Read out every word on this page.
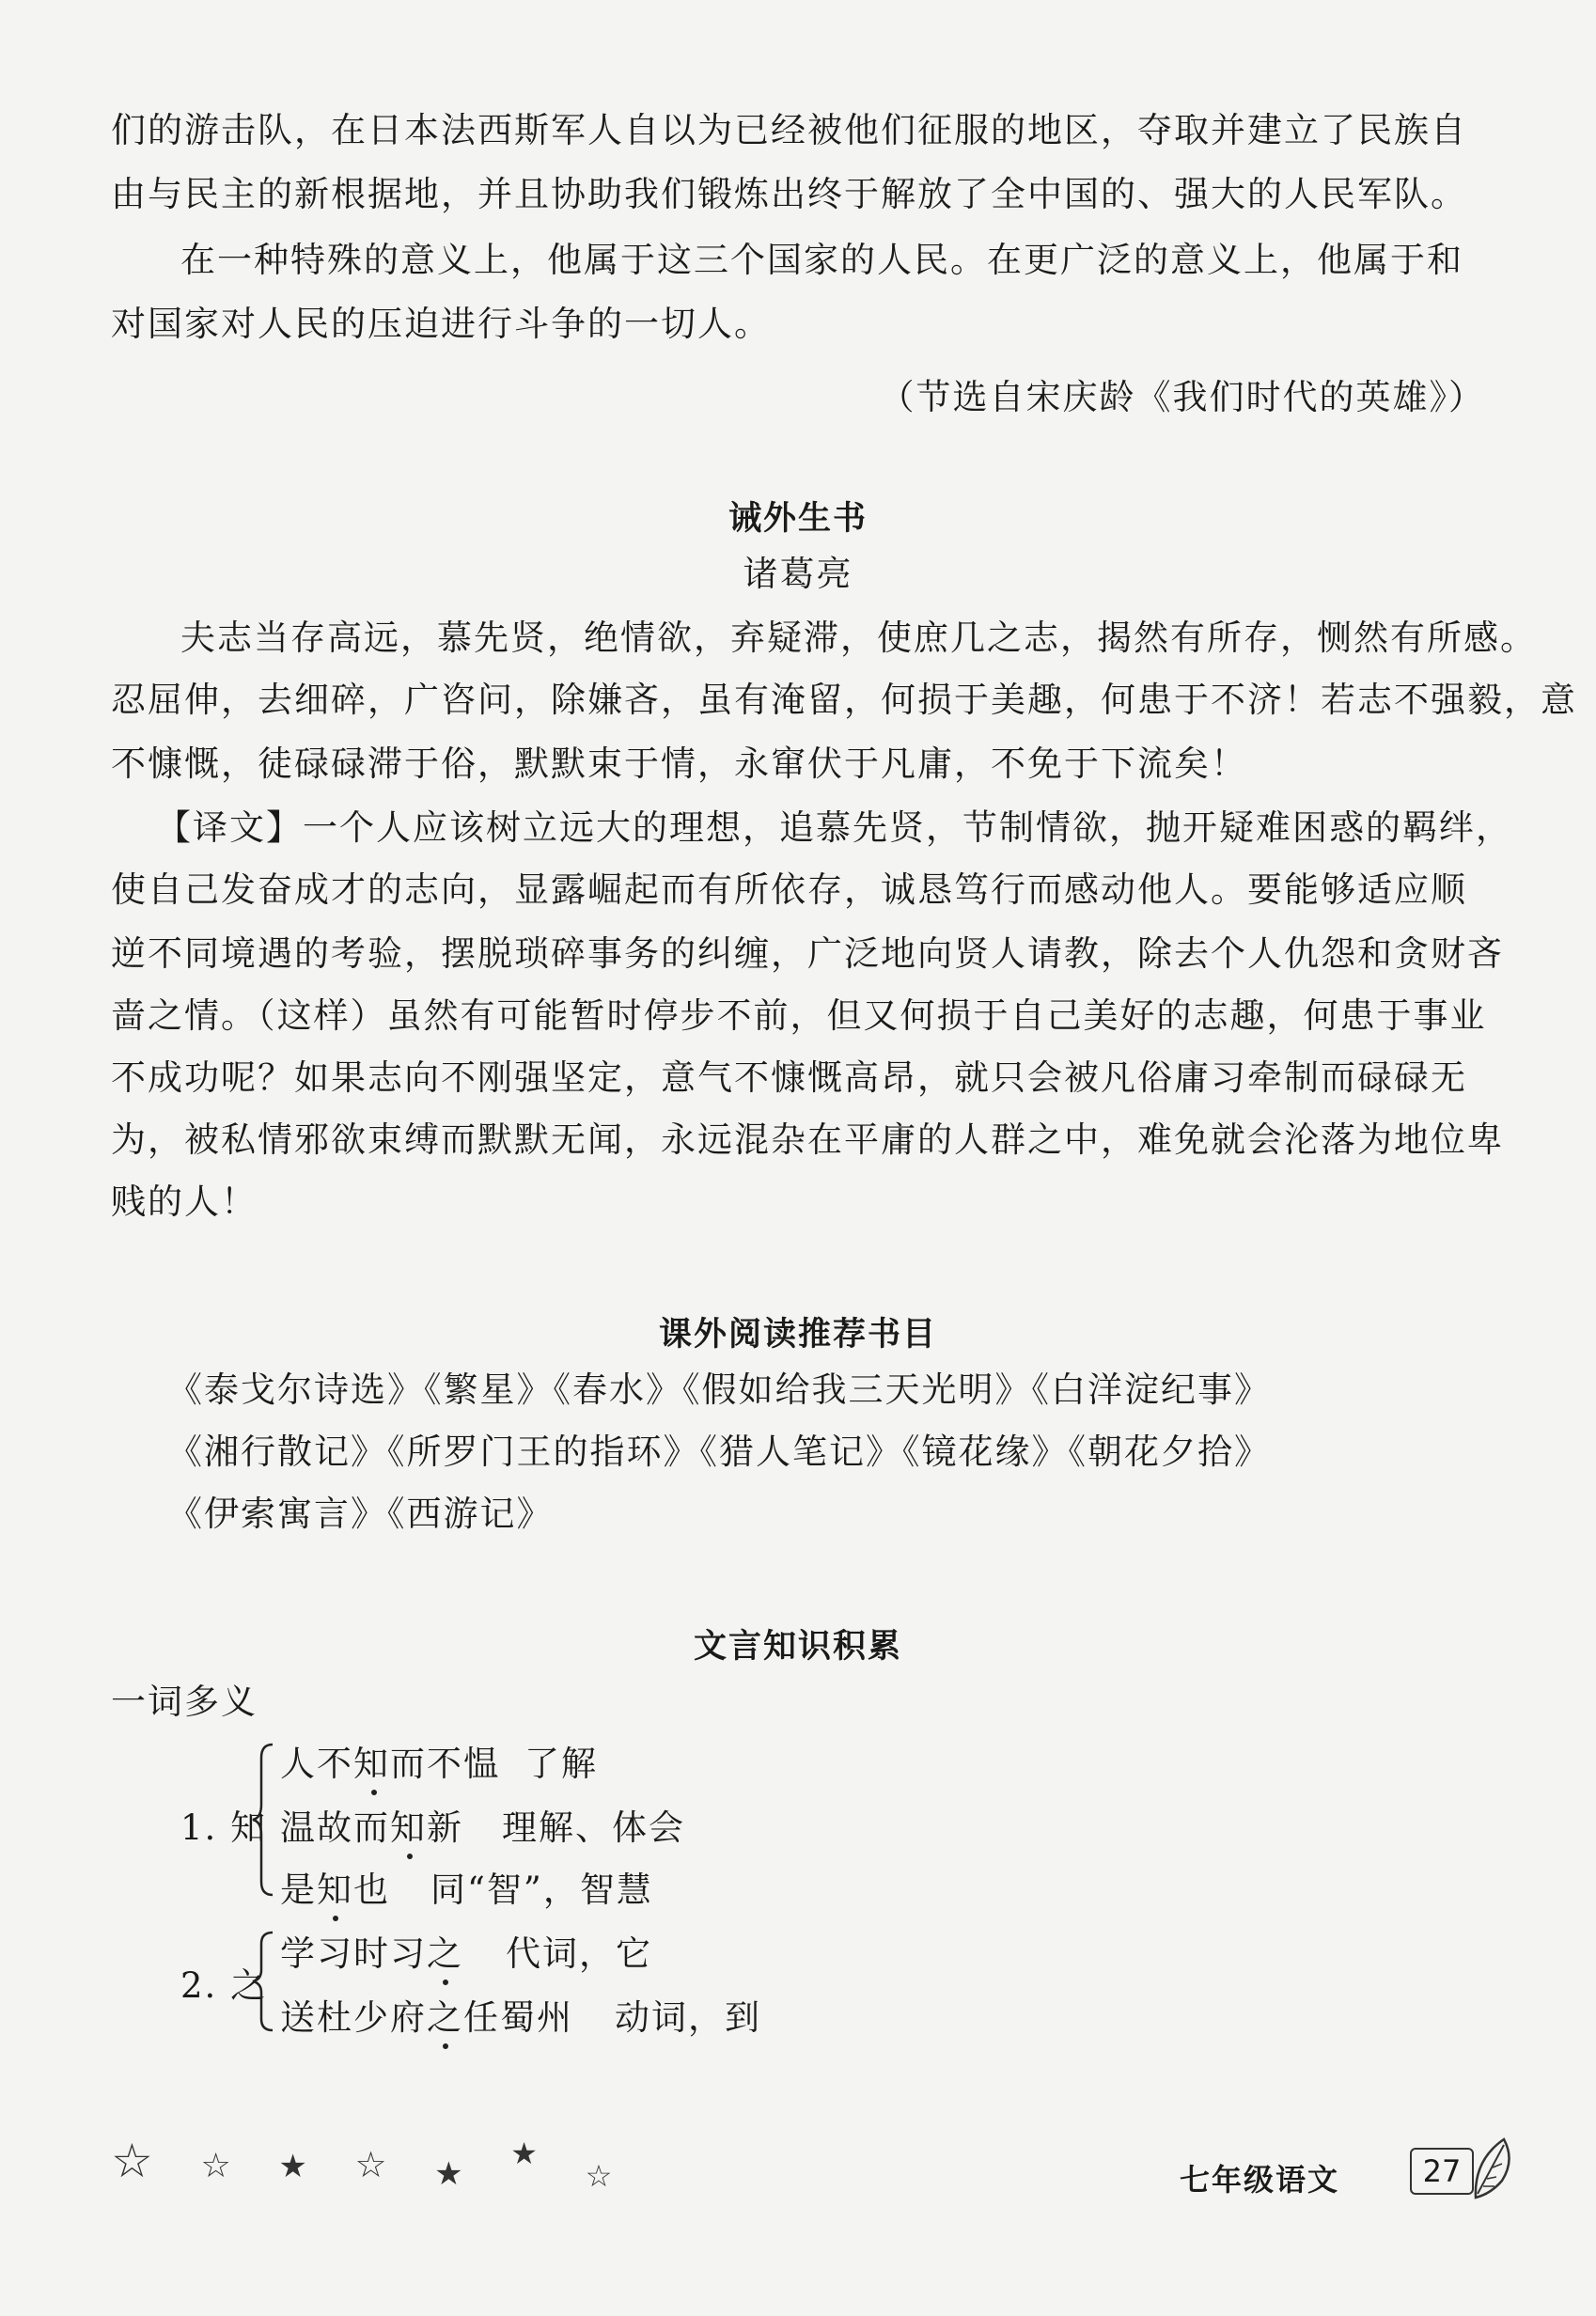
们的游击队，在日本法西斯军人自以为已经被他们征服的地区，夺取并建立了民族自
由与民主的新根据地，并且协助我们锻炼出终于解放了全中国的、强大的人民军队。
在一种特殊的意义上，他属于这三个国家的人民。在更广泛的意义上，他属于和
对国家对人民的压迫进行斗争的一切人。
（节选自宋庆龄《我们时代的英雄》）
诫外生书
诸葛亮
夫志当存高远，慕先贤，绝情欲，弃疑滞，使庶几之志，揭然有所存，恻然有所感。
忍屈伸，去细碎，广咨问，除嫌吝，虽有淹留，何损于美趣，何患于不济！若志不强毅，意
不慷慨，徒碌碌滞于俗，默默束于情，永窜伏于凡庸，不免于下流矣！
【译文】一个人应该树立远大的理想，追慕先贤，节制情欲，抛开疑难困惑的羁绊，
使自己发奋成才的志向，显露崛起而有所依存，诚恳笃行而感动他人。要能够适应顺
逆不同境遇的考验，摆脱琐碎事务的纠缠，广泛地向贤人请教，除去个人仇怨和贪财吝
啬之情。（这样）虽然有可能暂时停步不前，但又何损于自己美好的志趣，何患于事业
不成功呢？如果志向不刚强坚定，意气不慷慨高昂，就只会被凡俗庸习牵制而碌碌无
为，被私情邪欲束缚而默默无闻，永远混杂在平庸的人群之中，难免就会沦落为地位卑
贱的人！
课外阅读推荐书目
《泰戈尔诗选》《繁星》《春水》《假如给我三天光明》《白洋淀纪事》
《湘行散记》《所罗门王的指环》《猎人笔记》《镜花缘》《朝花夕拾》
《伊索寓言》《西游记》
文言知识积累
一词多义
1. 知
人不知而不愠 了解
温故而知新 理解、体会
是知也 同“智”，智慧
2. 之
学习时习之 代词，它
送杜少府之任蜀州 动词，到
☆ ☆ ★ ☆ ★ ★ ☆	七年级语文	27
